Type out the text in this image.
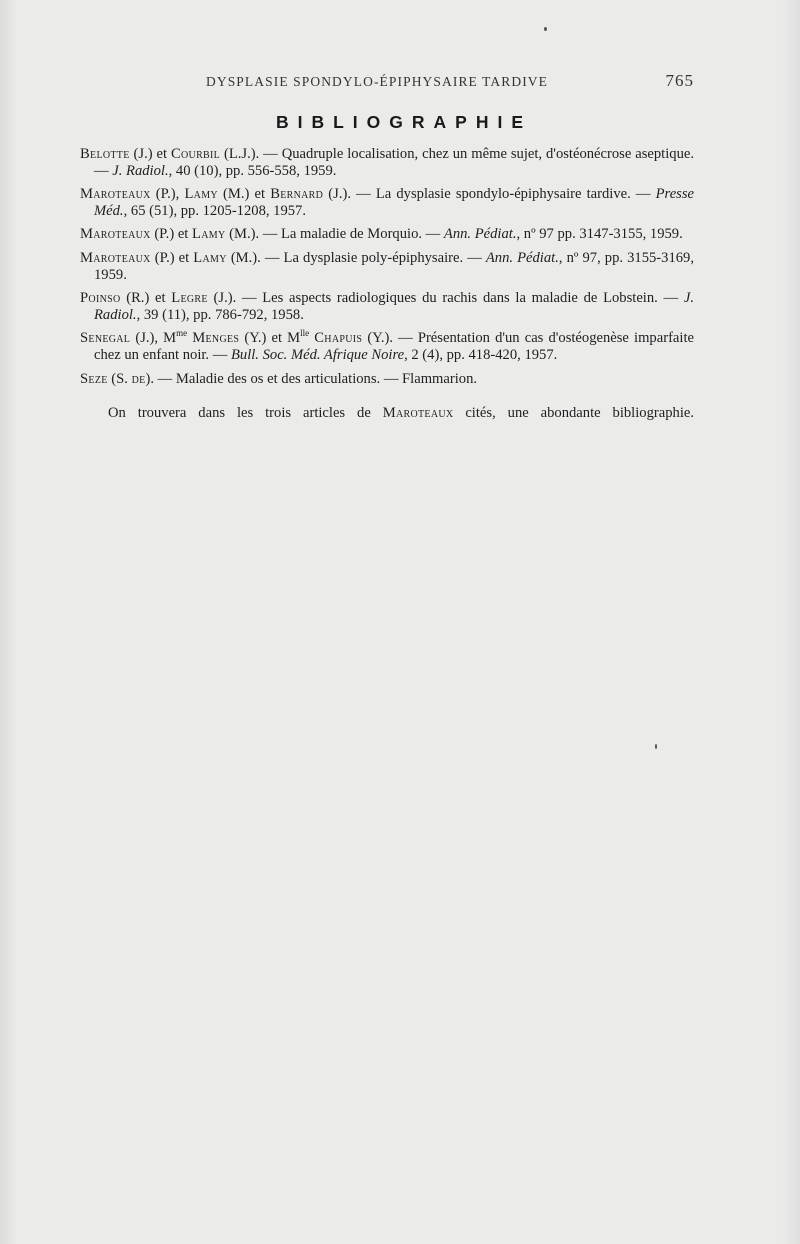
DYSPLASIE SPONDYLO-ÉPIPHYSAIRE TARDIVE	765
BIBLIOGRAPHIE

Belotte (J.) et Courbil (L.J.). — Quadruple localisation, chez un même sujet, d'ostéonécrose aseptique. — J. Radiol., 40 (10), pp. 556-558, 1959.

Maroteaux (P.), Lamy (M.) et Bernard (J.). — La dysplasie spondylo-épiphysaire tardive. — Presse Méd., 65 (51), pp. 1205-1208, 1957.

Maroteaux (P.) et Lamy (M.). — La maladie de Morquio. — Ann. Pédiat., nº 97 pp. 3147-3155, 1959.

Maroteaux (P.) et Lamy (M.). — La dysplasie poly-épiphysaire. — Ann. Pédiat., nº 97, pp. 3155-3169, 1959.

Poinso (R.) et Legre (J.). — Les aspects radiologiques du rachis dans la maladie de Lobstein. — J. Radiol., 39 (11), pp. 786-792, 1958.

Senegal (J.), $M^{me}$ Menges (Y.) et $M^{lle}$ Chapuis (Y.). — Présentation d'un cas d'ostéogenèse imparfaite chez un enfant noir. — Bull. Soc. Méd. Afrique Noire, 2 (4), pp. 418-420, 1957.

Seze (S. de). — Maladie des os et des articulations. — Flammarion.

On trouvera dans les trois articles de Maroteaux cités, une abondante bibliographie.
